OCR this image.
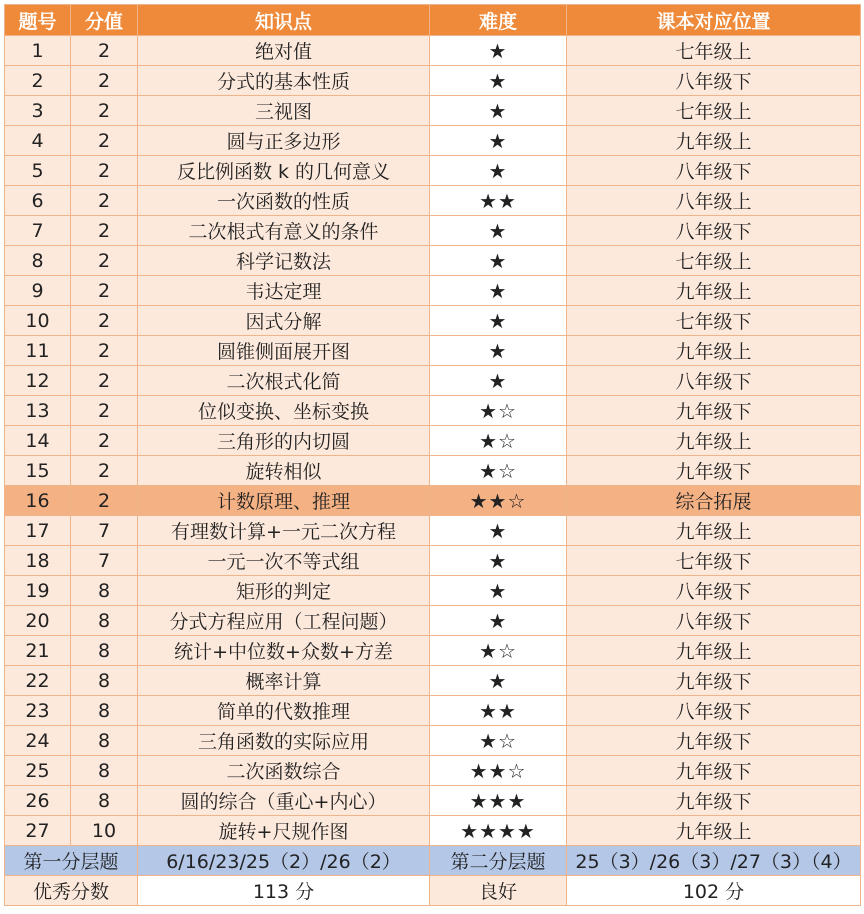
题号	分值	知识点	难度	课本对应位置
1	2	绝对值	★	七年级上
2	2	分式的基本性质	★	八年级下
3	2	三视图	★	七年级上
4	2	圆与正多边形	★	九年级上
5	2	反比例函数 k 的几何意义	★	八年级下
6	2	一次函数的性质	★★	八年级上
7	2	二次根式有意义的条件	★	八年级下
8	2	科学记数法	★	七年级上
9	2	韦达定理	★	九年级上
10	2	因式分解	★	七年级下
11	2	圆锥侧面展开图	★	九年级上
12	2	二次根式化简	★	八年级下
13	2	位似变换、坐标变换	★☆	九年级下
14	2	三角形的内切圆	★☆	九年级上
15	2	旋转相似	★☆	九年级下
16	2	计数原理、推理	★★☆	综合拓展
17	7	有理数计算+一元二次方程	★	九年级上
18	7	一元一次不等式组	★	七年级下
19	8	矩形的判定	★	八年级下
20	8	分式方程应用（工程问题）	★	八年级下
21	8	统计+中位数+众数+方差	★☆	九年级上
22	8	概率计算	★	九年级下
23	8	简单的代数推理	★★	八年级下
24	8	三角函数的实际应用	★☆	九年级下
25	8	二次函数综合	★★☆	九年级下
26	8	圆的综合（重心+内心）	★★★	九年级下
27	10	旋转+尺规作图	★★★★	九年级上
第一分层题		6/16/23/25（2）/26（2）	第二分层题	25（3）/26（3）/27（3）（4）
优秀分数		113 分	良好	102 分
